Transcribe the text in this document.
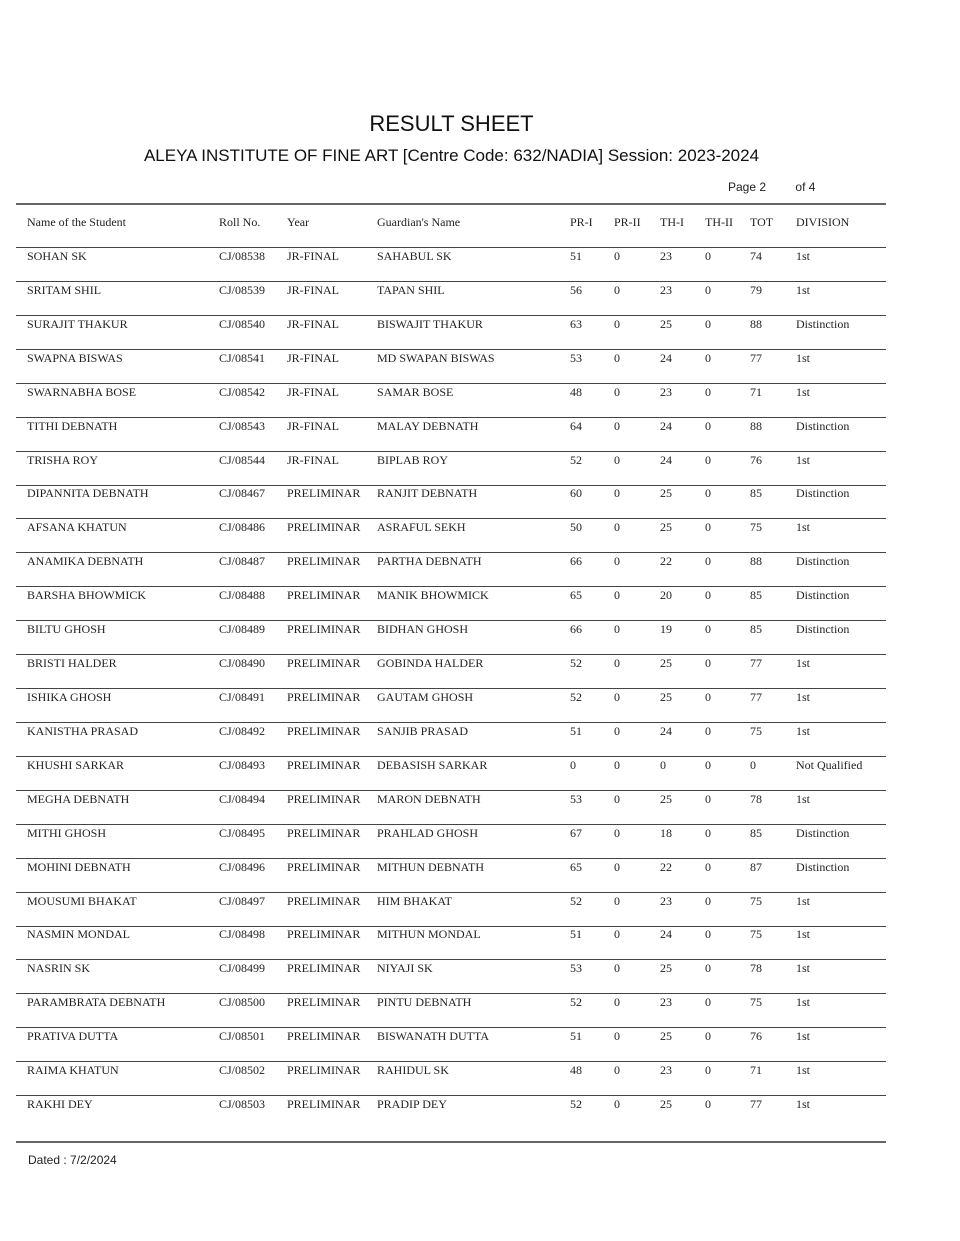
RESULT SHEET
ALEYA INSTITUTE OF FINE ART [Centre Code: 632/NADIA] Session: 2023-2024
Page 2 of 4
Name of the Student	Roll No. Year	Guardian's Name	PR-I PR-II TH-I TH-II TOT DIVISION
SOHAN SK	CJ/08538 JR-FINAL	SAHABUL SK	51	0	23	0	74	1st
SRITAM SHIL	CJ/08539 JR-FINAL	TAPAN SHIL	56	0	23	0	79	1st
SURAJIT THAKUR	CJ/08540 JR-FINAL	BISWAJIT THAKUR	63	0	25	0	88	Distinction
SWAPNA BISWAS	CJ/08541 JR-FINAL	MD SWAPAN BISWAS	53	0	24	0	77	1st
SWARNABHA BOSE	CJ/08542 JR-FINAL	SAMAR BOSE	48	0	23	0	71	1st
TITHI DEBNATH	CJ/08543 JR-FINAL	MALAY DEBNATH	64	0	24	0	88	Distinction
TRISHA ROY	CJ/08544 JR-FINAL	BIPLAB ROY	52	0	24	0	76	1st
DIPANNITA DEBNATH	CJ/08467 PRELIMINAR RANJIT DEBNATH	60	0	25	0	85	Distinction
AFSANA KHATUN	CJ/08486 PRELIMINAR ASRAFUL SEKH	50	0	25	0	75	1st
ANAMIKA DEBNATH	CJ/08487 PRELIMINAR PARTHA DEBNATH	66	0	22	0	88	Distinction
BARSHA BHOWMICK	CJ/08488 PRELIMINAR MANIK BHOWMICK	65	0	20	0	85	Distinction
BILTU GHOSH	CJ/08489 PRELIMINAR BIDHAN GHOSH	66	0	19	0	85	Distinction
BRISTI HALDER	CJ/08490 PRELIMINAR GOBINDA HALDER	52	0	25	0	77	1st
ISHIKA GHOSH	CJ/08491 PRELIMINAR GAUTAM GHOSH	52	0	25	0	77	1st
KANISTHA PRASAD	CJ/08492 PRELIMINAR SANJIB PRASAD	51	0	24	0	75	1st
KHUSHI SARKAR	CJ/08493 PRELIMINAR DEBASISH SARKAR	0	0	0	0	0	Not Qualified
MEGHA DEBNATH	CJ/08494 PRELIMINAR MARON DEBNATH	53	0	25	0	78	1st
MITHI GHOSH	CJ/08495 PRELIMINAR PRAHLAD GHOSH	67	0	18	0	85	Distinction
MOHINI DEBNATH	CJ/08496 PRELIMINAR MITHUN DEBNATH	65	0	22	0	87	Distinction
MOUSUMI BHAKAT	CJ/08497 PRELIMINAR HIM BHAKAT	52	0	23	0	75	1st
NASMIN MONDAL	CJ/08498 PRELIMINAR MITHUN MONDAL	51	0	24	0	75	1st
NASRIN SK	CJ/08499 PRELIMINAR NIYAJI SK	53	0	25	0	78	1st
PARAMBRATA DEBNATH	CJ/08500 PRELIMINAR PINTU DEBNATH	52	0	23	0	75	1st
PRATIVA DUTTA	CJ/08501 PRELIMINAR BISWANATH DUTTA	51	0	25	0	76	1st
RAIMA KHATUN	CJ/08502 PRELIMINAR RAHIDUL SK	48	0	23	0	71	1st
RAKHI DEY	CJ/08503 PRELIMINAR PRADIP DEY	52	0	25	0	77	1st
Dated : 7/2/2024
